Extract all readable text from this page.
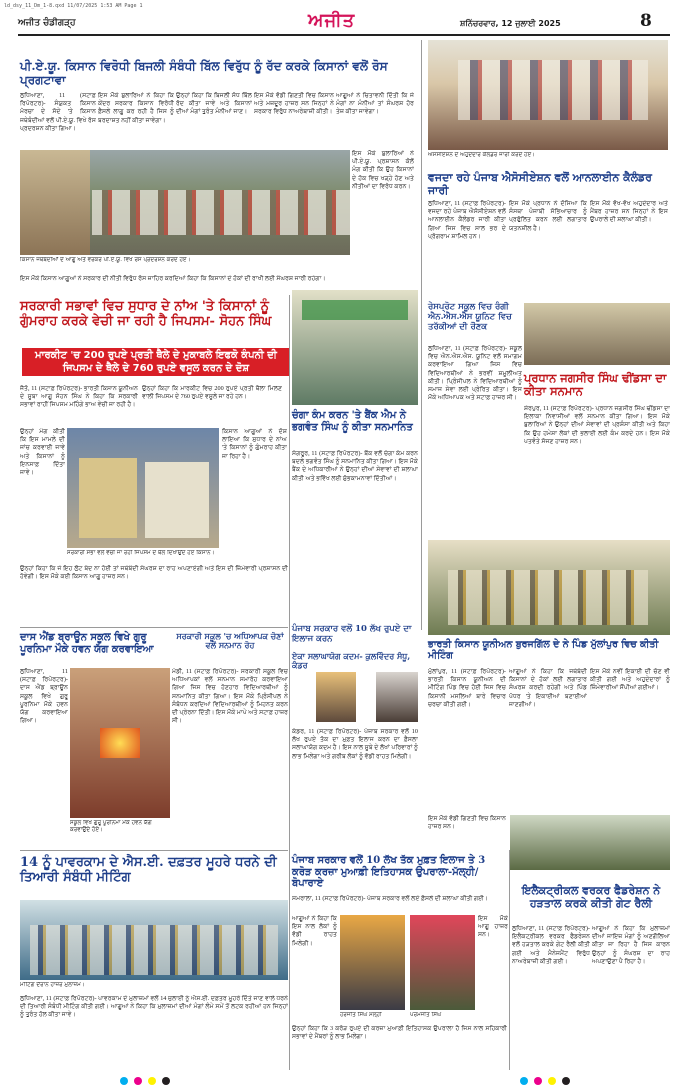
ld_dsy_11_Dm_1-8.qxd 11/07/2025 1:53 AM Page 1
ਅਜੀਤ ਚੰਡੀਗੜ੍ਹ	ਅਜੀਤ	ਸ਼ਨਿੱਚਰਵਾਰ, 12 ਜੁਲਾਈ 2025	8
ਪੀ.ਏ.ਯੂ. ਕਿਸਾਨ ਵਿਰੋਧੀ ਬਿਜਲੀ ਸੰਬੰਧੀ ਬਿੱਲ ਵਿਰੁੱਧ ਨੂੰ ਰੱਦ ਕਰਕੇ ਕਿਸਾਨਾਂ ਵਲੋਂ ਰੋਸ ਪ੍ਰਗਟਾਵਾ
ਲੁਧਿਆਣਾ, 11 (ਸਟਾਫ਼ ਰਿਪੋਰਟਰ)- ਸੰਯੁਕਤ ਕਿਸਾਨ ਮੋਰਚਾ ਦੇ ਸੱਦੇ 'ਤੇ ਕਿਸਾਨ ਜਥੇਬੰਦੀਆਂ ਵਲੋਂ ਪੀ.ਏ.ਯੂ. ਵਿਖੇ ਰੋਸ ਪ੍ਰਦਰਸ਼ਨ ਕੀਤਾ ਗਿਆ।
ਇਸ ਮੌਕੇ ਬੁਲਾਰਿਆਂ ਨੇ ਕਿਹਾ ਕਿ ਕੇਂਦਰ ਸਰਕਾਰ ਕਿਸਾਨ ਵਿਰੋਧੀ ਫ਼ੈਸਲੇ ਲਾਗੂ ਕਰ ਰਹੀ ਹੈ ਜਿਸ ਨੂੰ ਬਰਦਾਸ਼ਤ ਨਹੀਂ ਕੀਤਾ ਜਾਵੇਗਾ।
ਉਨ੍ਹਾਂ ਕਿਹਾ ਕਿ ਬਿਜਲੀ ਸੋਧ ਬਿੱਲ ਰੱਦ ਕੀਤਾ ਜਾਵੇ ਅਤੇ ਕਿਸਾਨਾਂ ਦੀਆਂ ਮੰਗਾਂ ਤੁਰੰਤ ਮੰਨੀਆਂ ਜਾਣ।
ਇਸ ਮੌਕੇ ਵੱਡੀ ਗਿਣਤੀ ਵਿਚ ਕਿਸਾਨ ਅਤੇ ਮਜ਼ਦੂਰ ਹਾਜ਼ਰ ਸਨ ਜਿਨ੍ਹਾਂ ਨੇ ਸਰਕਾਰ ਵਿਰੁੱਧ ਨਾਅਰੇਬਾਜ਼ੀ ਕੀਤੀ।
ਆਗੂਆਂ ਨੇ ਚਿਤਾਵਨੀ ਦਿੱਤੀ ਕਿ ਜੇ ਮੰਗਾਂ ਨਾ ਮੰਨੀਆਂ ਤਾਂ ਸੰਘਰਸ਼ ਹੋਰ ਤੇਜ਼ ਕੀਤਾ ਜਾਵੇਗਾ।
ਇਸ ਮੌਕੇ ਬੁਲਾਰਿਆਂ ਨੇ ਪੀ.ਏ.ਯੂ. ਪ੍ਰਸ਼ਾਸਨ ਕੋਲੋਂ ਮੰਗ ਕੀਤੀ ਕਿ ਉਹ ਕਿਸਾਨਾਂ ਦੇ ਹੱਕ ਵਿਚ ਖੜ੍ਹੇ ਹੋਣ ਅਤੇ ਨੀਤੀਆਂ ਦਾ ਵਿਰੋਧ ਕਰਨ।
ਕਿਸਾਨ ਜਥੇਬੰਦੀਆਂ ਦੇ ਆਗੂ ਅਤੇ ਵਰਕਰ ਪੀ.ਏ.ਯੂ. ਵਿਖੇ ਰੋਸ ਪ੍ਰਦਰਸ਼ਨ ਕਰਦੇ ਹੋਏ।
ਇਸ ਮੌਕੇ ਕਿਸਾਨ ਆਗੂਆਂ ਨੇ ਸਰਕਾਰ ਦੀ ਨੀਤੀ ਵਿਰੁੱਧ ਰੋਸ ਜ਼ਾਹਿਰ ਕਰਦਿਆਂ ਕਿਹਾ ਕਿ ਕਿਸਾਨਾਂ ਦੇ ਹੱਕਾਂ ਦੀ ਰਾਖੀ ਲਈ ਸੰਘਰਸ਼ ਜਾਰੀ ਰਹੇਗਾ।
ਐਸੋਸੀਏਸ਼ਨ ਦੇ ਅਹੁਦੇਦਾਰ ਕੈਲੰਡਰ ਜਾਰੀ ਕਰਦੇ ਹੋਏ।
ਵਜਦਾ ਰਹੇ ਪੰਜਾਬ ਐਸੋਸੀਏਸ਼ਨ ਵਲੋਂ ਆਨਲਾਈਨ ਕੈਲੰਡਰ ਜਾਰੀ
ਲੁਧਿਆਣਾ, 11 (ਸਟਾਫ਼ ਰਿਪੋਰਟਰ)- ਵਜਦਾ ਰਹੇ ਪੰਜਾਬ ਐਸੋਸੀਏਸ਼ਨ ਵਲੋਂ ਆਨਲਾਈਨ ਕੈਲੰਡਰ ਜਾਰੀ ਕੀਤਾ ਗਿਆ ਜਿਸ ਵਿਚ ਸਾਲ ਭਰ ਦੇ ਪ੍ਰੋਗਰਾਮ ਸ਼ਾਮਿਲ ਹਨ।
ਇਸ ਮੌਕੇ ਪ੍ਰਧਾਨ ਨੇ ਦੱਸਿਆ ਕਿ ਸੰਸਥਾ ਪੰਜਾਬੀ ਸੱਭਿਆਚਾਰ ਨੂੰ ਪ੍ਰਫੁੱਲਿਤ ਕਰਨ ਲਈ ਲਗਾਤਾਰ ਯਤਨਸ਼ੀਲ ਹੈ।
ਇਸ ਮੌਕੇ ਵੱਖ-ਵੱਖ ਅਹੁਦੇਦਾਰ ਅਤੇ ਮੈਂਬਰ ਹਾਜ਼ਰ ਸਨ ਜਿਨ੍ਹਾਂ ਨੇ ਇਸ ਉਪਰਾਲੇ ਦੀ ਸ਼ਲਾਘਾ ਕੀਤੀ।
ਸਰਕਾਰੀ ਸਭਾਵਾਂ ਵਿਚ ਸੁਧਾਰ ਦੇ ਨਾਂਅ 'ਤੇ ਕਿਸਾਨਾਂ ਨੂੰ ਗੁੰਮਰਾਹ ਕਰਕੇ ਵੇਚੀ ਜਾ ਰਹੀ ਹੈ ਜਿਪਸਮ- ਸੋਹਨ ਸਿੰਘ
ਮਾਰਕੀਟ 'ਚ 200 ਰੁਪਏ ਪ੍ਰਤੀ ਥੈਲੇ ਦੇ ਮੁਕਾਬਲੇ ਇਫਕੋ ਕੰਪਨੀ ਦੀ ਜਿਪਸਮ ਦੇ ਥੈਲੇ ਦੇ 760 ਰੁਪਏ ਵਸੂਲ ਕਰਨ ਦੇ ਦੋਸ਼
ਜੈਤੋ, 11 (ਸਟਾਫ਼ ਰਿਪੋਰਟਰ)- ਭਾਰਤੀ ਕਿਸਾਨ ਯੂਨੀਅਨ ਦੇ ਸੂਬਾ ਆਗੂ ਸੋਹਨ ਸਿੰਘ ਨੇ ਕਿਹਾ ਕਿ ਸਰਕਾਰੀ ਸਭਾਵਾਂ ਰਾਹੀਂ ਜਿਪਸਮ ਮਹਿੰਗੇ ਭਾਅ ਵੇਚੀ ਜਾ ਰਹੀ ਹੈ।
ਉਨ੍ਹਾਂ ਕਿਹਾ ਕਿ ਮਾਰਕੀਟ ਵਿਚ 200 ਰੁਪਏ ਪ੍ਰਤੀ ਥੈਲਾ ਮਿਲਣ ਵਾਲੀ ਜਿਪਸਮ ਦੇ 760 ਰੁਪਏ ਵਸੂਲੇ ਜਾ ਰਹੇ ਹਨ।
ਉਨ੍ਹਾਂ ਮੰਗ ਕੀਤੀ ਕਿ ਇਸ ਮਾਮਲੇ ਦੀ ਜਾਂਚ ਕਰਵਾਈ ਜਾਵੇ ਅਤੇ ਕਿਸਾਨਾਂ ਨੂੰ ਇਨਸਾਫ਼ ਦਿੱਤਾ ਜਾਵੇ।
ਕਿਸਾਨ ਆਗੂਆਂ ਨੇ ਦੋਸ਼ ਲਾਇਆ ਕਿ ਸੁਧਾਰ ਦੇ ਨਾਂਅ 'ਤੇ ਕਿਸਾਨਾਂ ਨੂੰ ਗੁੰਮਰਾਹ ਕੀਤਾ ਜਾ ਰਿਹਾ ਹੈ।
ਸਰਕਾਰੀ ਸਭਾ ਵਲੋਂ ਵੇਚੀ ਜਾ ਰਹੀ ਜਿਪਸਮ ਦੇ ਥੈਲੇ ਦਿਖਾਉਂਦੇ ਹੋਏ ਕਿਸਾਨ।
ਉਨ੍ਹਾਂ ਕਿਹਾ ਕਿ ਜੇ ਇਹ ਲੁੱਟ ਬੰਦ ਨਾ ਹੋਈ ਤਾਂ ਜਥੇਬੰਦੀ ਸੰਘਰਸ਼ ਦਾ ਰਾਹ ਅਪਣਾਏਗੀ ਅਤੇ ਇਸ ਦੀ ਜ਼ਿੰਮੇਵਾਰੀ ਪ੍ਰਸ਼ਾਸਨ ਦੀ ਹੋਵੇਗੀ। ਇਸ ਮੌਕੇ ਕਈ ਕਿਸਾਨ ਆਗੂ ਹਾਜ਼ਰ ਸਨ।
ਚੰਗਾ ਕੰਮ ਕਰਨ 'ਤੇ ਬੈਂਕ ਐਮ ਨੇ ਭਗਵੰਤ ਸਿੰਘ ਨੂੰ ਕੀਤਾ ਸਨਮਾਨਿਤ
ਸੰਗਰੂਰ, 11 (ਸਟਾਫ਼ ਰਿਪੋਰਟਰ)- ਬੈਂਕ ਵਲੋਂ ਚੰਗਾ ਕੰਮ ਕਰਨ ਬਦਲੇ ਭਗਵੰਤ ਸਿੰਘ ਨੂੰ ਸਨਮਾਨਿਤ ਕੀਤਾ ਗਿਆ। ਇਸ ਮੌਕੇ ਬੈਂਕ ਦੇ ਅਧਿਕਾਰੀਆਂ ਨੇ ਉਨ੍ਹਾਂ ਦੀਆਂ ਸੇਵਾਵਾਂ ਦੀ ਸ਼ਲਾਘਾ ਕੀਤੀ ਅਤੇ ਭਵਿੱਖ ਲਈ ਸ਼ੁੱਭਕਾਮਨਾਵਾਂ ਦਿੱਤੀਆਂ।
ਰੇਸਪ੍ਰੋਟ ਸਕੂਲ ਵਿਚ ਰੰਗੀ ਐਨ.ਐਸ.ਐਸ ਯੂਨਿਟ ਵਿਚ ਤਰੱਕੀਆਂ ਦੀ ਰੌਣਕ
ਲੁਧਿਆਣਾ, 11 (ਸਟਾਫ਼ ਰਿਪੋਰਟਰ)- ਸਕੂਲ ਵਿਚ ਐਨ.ਐਸ.ਐਸ. ਯੂਨਿਟ ਵਲੋਂ ਸਮਾਗਮ ਕਰਵਾਇਆ ਗਿਆ ਜਿਸ ਵਿਚ ਵਿਦਿਆਰਥੀਆਂ ਨੇ ਭਰਵੀਂ ਸ਼ਮੂਲੀਅਤ ਕੀਤੀ। ਪ੍ਰਿੰਸੀਪਲ ਨੇ ਵਿਦਿਆਰਥੀਆਂ ਨੂੰ ਸਮਾਜ ਸੇਵਾ ਲਈ ਪ੍ਰੇਰਿਤ ਕੀਤਾ। ਇਸ ਮੌਕੇ ਅਧਿਆਪਕ ਅਤੇ ਸਟਾਫ਼ ਹਾਜ਼ਰ ਸੀ।
ਪ੍ਰਧਾਨ ਜਗਸੀਰ ਸਿੰਘ ਢੀਂਡਸਾ ਦਾ ਕੀਤਾ ਸਨਮਾਨ
ਸ਼ੇਰਪੁਰ, 11 (ਸਟਾਫ਼ ਰਿਪੋਰਟਰ)- ਪ੍ਰਧਾਨ ਜਗਸੀਰ ਸਿੰਘ ਢੀਂਡਸਾ ਦਾ ਇਲਾਕਾ ਨਿਵਾਸੀਆਂ ਵਲੋਂ ਸਨਮਾਨ ਕੀਤਾ ਗਿਆ। ਇਸ ਮੌਕੇ ਬੁਲਾਰਿਆਂ ਨੇ ਉਨ੍ਹਾਂ ਦੀਆਂ ਸੇਵਾਵਾਂ ਦੀ ਪ੍ਰਸ਼ੰਸਾ ਕੀਤੀ ਅਤੇ ਕਿਹਾ ਕਿ ਉਹ ਹਮੇਸ਼ਾ ਲੋਕਾਂ ਦੀ ਭਲਾਈ ਲਈ ਕੰਮ ਕਰਦੇ ਹਨ। ਇਸ ਮੌਕੇ ਪਤਵੰਤੇ ਸੱਜਣ ਹਾਜ਼ਰ ਸਨ।
ਦਾਸ ਐਂਡ ਬ੍ਰਾਊਨ ਸਕੂਲ ਵਿਖੇ ਗੁਰੂ ਪੂਰਨਿਮਾ ਮੌਕੇ ਹਵਨ ਯੱਗ ਕਰਵਾਇਆ
ਸਰਕਾਰੀ ਸਕੂਲ 'ਚ ਅਧਿਆਪਕ ਚੋਣਾਂ ਵਲੋਂ ਸਨਮਾਨ ਰੋਹ
ਲੁਧਿਆਣਾ, 11 (ਸਟਾਫ਼ ਰਿਪੋਰਟਰ)- ਦਾਸ ਐਂਡ ਬ੍ਰਾਊਨ ਸਕੂਲ ਵਿਖੇ ਗੁਰੂ ਪੂਰਨਿਮਾ ਮੌਕੇ ਹਵਨ ਯੱਗ ਕਰਵਾਇਆ ਗਿਆ।
ਸਕੂਲ ਵਿਖੇ ਗੁਰੂ ਪੂਰਨਿਮਾ ਮੌਕੇ ਹਵਨ ਯੱਗ ਕਰਵਾਉਂਦੇ ਹੋਏ।
ਮੰਡੀ, 11 (ਸਟਾਫ਼ ਰਿਪੋਰਟਰ)- ਸਰਕਾਰੀ ਸਕੂਲ ਵਿਚ ਅਧਿਆਪਕਾਂ ਵਲੋਂ ਸਨਮਾਨ ਸਮਾਰੋਹ ਕਰਵਾਇਆ ਗਿਆ ਜਿਸ ਵਿਚ ਹੋਣਹਾਰ ਵਿਦਿਆਰਥੀਆਂ ਨੂੰ ਸਨਮਾਨਿਤ ਕੀਤਾ ਗਿਆ। ਇਸ ਮੌਕੇ ਪ੍ਰਿੰਸੀਪਲ ਨੇ ਸੰਬੋਧਨ ਕਰਦਿਆਂ ਵਿਦਿਆਰਥੀਆਂ ਨੂੰ ਮਿਹਨਤ ਕਰਨ ਦੀ ਪ੍ਰੇਰਨਾ ਦਿੱਤੀ। ਇਸ ਮੌਕੇ ਮਾਪੇ ਅਤੇ ਸਟਾਫ਼ ਹਾਜ਼ਰ ਸੀ।
ਪੰਜਾਬ ਸਰਕਾਰ ਵਲੋਂ 10 ਲੱਖ ਰੁਪਏ ਦਾ ਇਲਾਜ ਕਰਨ
ਏਕਾ ਸਲਾਘਾਯੋਗ ਕਦਮ- ਕੁਲਵਿੰਦਰ ਸੰਧੂ, ਕੰਡਰ
ਕੰਡਰ, 11 (ਸਟਾਫ਼ ਰਿਪੋਰਟਰ)- ਪੰਜਾਬ ਸਰਕਾਰ ਵਲੋਂ 10 ਲੱਖ ਰੁਪਏ ਤੱਕ ਦਾ ਮੁਫ਼ਤ ਇਲਾਜ ਕਰਨ ਦਾ ਫ਼ੈਸਲਾ ਸਲਾਘਾਯੋਗ ਕਦਮ ਹੈ। ਇਸ ਨਾਲ ਸੂਬੇ ਦੇ ਲੱਖਾਂ ਪਰਿਵਾਰਾਂ ਨੂੰ ਲਾਭ ਮਿਲੇਗਾ ਅਤੇ ਗਰੀਬ ਲੋਕਾਂ ਨੂੰ ਵੱਡੀ ਰਾਹਤ ਮਿਲੇਗੀ।
ਭਾਰਤੀ ਕਿਸਾਨ ਯੂਨੀਅਨ ਬੁਰਜਗਿੱਲ ਦੇ ਨੇ ਪਿੰਡ ਮੁੱਲਾਂਪੁਰ ਵਿਚ ਕੀਤੀ ਮੀਟਿੰਗ
ਮੁੱਲਾਂਪੁਰ, 11 (ਸਟਾਫ਼ ਰਿਪੋਰਟਰ)- ਭਾਰਤੀ ਕਿਸਾਨ ਯੂਨੀਅਨ ਦੀ ਮੀਟਿੰਗ ਪਿੰਡ ਵਿਚ ਹੋਈ ਜਿਸ ਵਿਚ ਕਿਸਾਨੀ ਮਸਲਿਆਂ ਬਾਰੇ ਵਿਚਾਰ ਚਰਚਾ ਕੀਤੀ ਗਈ।
ਆਗੂਆਂ ਨੇ ਕਿਹਾ ਕਿ ਜਥੇਬੰਦੀ ਕਿਸਾਨਾਂ ਦੇ ਹੱਕਾਂ ਲਈ ਲਗਾਤਾਰ ਸੰਘਰਸ਼ ਕਰਦੀ ਰਹੇਗੀ ਅਤੇ ਪਿੰਡ ਪੱਧਰ 'ਤੇ ਇਕਾਈਆਂ ਬਣਾਈਆਂ ਜਾਣਗੀਆਂ।
ਇਸ ਮੌਕੇ ਨਵੀਂ ਇਕਾਈ ਦੀ ਚੋਣ ਵੀ ਕੀਤੀ ਗਈ ਅਤੇ ਅਹੁਦੇਦਾਰਾਂ ਨੂੰ ਜ਼ਿੰਮੇਵਾਰੀਆਂ ਸੌਂਪੀਆਂ ਗਈਆਂ।
ਇਸ ਮੌਕੇ ਵੱਡੀ ਗਿਣਤੀ ਵਿਚ ਕਿਸਾਨ ਹਾਜ਼ਰ ਸਨ।
14 ਨੂੰ ਪਾਵਰਕਾਮ ਦੇ ਐਸ.ਈ. ਦਫ਼ਤਰ ਮੂਹਰੇ ਧਰਨੇ ਦੀ ਤਿਆਰੀ ਸੰਬੰਧੀ ਮੀਟਿੰਗ
ਮੀਟਿੰਗ ਦੌਰਾਨ ਹਾਜ਼ਰ ਮੁਲਾਜ਼ਮ।
ਲੁਧਿਆਣਾ, 11 (ਸਟਾਫ਼ ਰਿਪੋਰਟਰ)- ਪਾਵਰਕਾਮ ਦੇ ਮੁਲਾਜ਼ਮਾਂ ਵਲੋਂ 14 ਜੁਲਾਈ ਨੂੰ ਐਸ.ਈ. ਦਫ਼ਤਰ ਮੂਹਰੇ ਦਿੱਤੇ ਜਾਣ ਵਾਲੇ ਧਰਨੇ ਦੀ ਤਿਆਰੀ ਸੰਬੰਧੀ ਮੀਟਿੰਗ ਕੀਤੀ ਗਈ। ਆਗੂਆਂ ਨੇ ਕਿਹਾ ਕਿ ਮੁਲਾਜ਼ਮਾਂ ਦੀਆਂ ਮੰਗਾਂ ਲੰਮੇ ਸਮੇਂ ਤੋਂ ਲਟਕ ਰਹੀਆਂ ਹਨ ਜਿਨ੍ਹਾਂ ਨੂੰ ਤੁਰੰਤ ਹੱਲ ਕੀਤਾ ਜਾਵੇ।
ਪੰਜਾਬ ਸਰਕਾਰ ਵਲੋਂ 10 ਲੱਖ ਤੱਕ ਮੁਫ਼ਤ ਇਲਾਜ ਤੇ 3 ਕਰੋੜ ਕਰਜ਼ਾ ਮੁਆਫ਼ੀ ਇਤਿਹਾਸਕ ਉਪਰਾਲਾ-ਮੱਲ੍ਹੀ/ਬੋਪਾਰਾਏ
ਸਮਰਾਲਾ, 11 (ਸਟਾਫ਼ ਰਿਪੋਰਟਰ)- ਪੰਜਾਬ ਸਰਕਾਰ ਵਲੋਂ ਲਏ ਫ਼ੈਸਲੇ ਦੀ ਸ਼ਲਾਘਾ ਕੀਤੀ ਗਈ।
ਆਗੂਆਂ ਨੇ ਕਿਹਾ ਕਿ ਇਸ ਨਾਲ ਲੋਕਾਂ ਨੂੰ ਵੱਡੀ ਰਾਹਤ ਮਿਲੇਗੀ।
ਹਰਜੀਤ ਸਿੰਘ ਮੱਲ੍ਹੀ	ਪਰਮਜੀਤ ਸਿੰਘ
ਇਸ ਮੌਕੇ ਆਗੂ ਹਾਜ਼ਰ ਸਨ।
ਉਨ੍ਹਾਂ ਕਿਹਾ ਕਿ 3 ਕਰੋੜ ਰੁਪਏ ਦੀ ਕਰਜ਼ਾ ਮੁਆਫ਼ੀ ਇਤਿਹਾਸਕ ਉਪਰਾਲਾ ਹੈ ਜਿਸ ਨਾਲ ਸਹਿਕਾਰੀ ਸਭਾਵਾਂ ਦੇ ਮੈਂਬਰਾਂ ਨੂੰ ਲਾਭ ਮਿਲੇਗਾ।
ਇਲੈਕਟ੍ਰੀਕਲ ਵਰਕਰ ਫੈਡਰੇਸ਼ਨ ਨੇ ਹੜਤਾਲ ਕਰਕੇ ਕੀਤੀ ਗੇਟ ਰੈਲੀ
ਲੁਧਿਆਣਾ, 11 (ਸਟਾਫ਼ ਰਿਪੋਰਟਰ)- ਇਲੈਕਟ੍ਰੀਕਲ ਵਰਕਰ ਫੈਡਰੇਸ਼ਨ ਵਲੋਂ ਹੜਤਾਲ ਕਰਕੇ ਗੇਟ ਰੈਲੀ ਕੀਤੀ ਗਈ ਅਤੇ ਮੈਨੇਜਮੈਂਟ ਵਿਰੁੱਧ ਨਾਅਰੇਬਾਜ਼ੀ ਕੀਤੀ ਗਈ।
ਆਗੂਆਂ ਨੇ ਕਿਹਾ ਕਿ ਮੁਲਾਜ਼ਮਾਂ ਦੀਆਂ ਜਾਇਜ਼ ਮੰਗਾਂ ਨੂੰ ਅਣਗੌਲਿਆ ਕੀਤਾ ਜਾ ਰਿਹਾ ਹੈ ਜਿਸ ਕਾਰਨ ਉਨ੍ਹਾਂ ਨੂੰ ਸੰਘਰਸ਼ ਦਾ ਰਾਹ ਅਪਣਾਉਣਾ ਪੈ ਰਿਹਾ ਹੈ।
